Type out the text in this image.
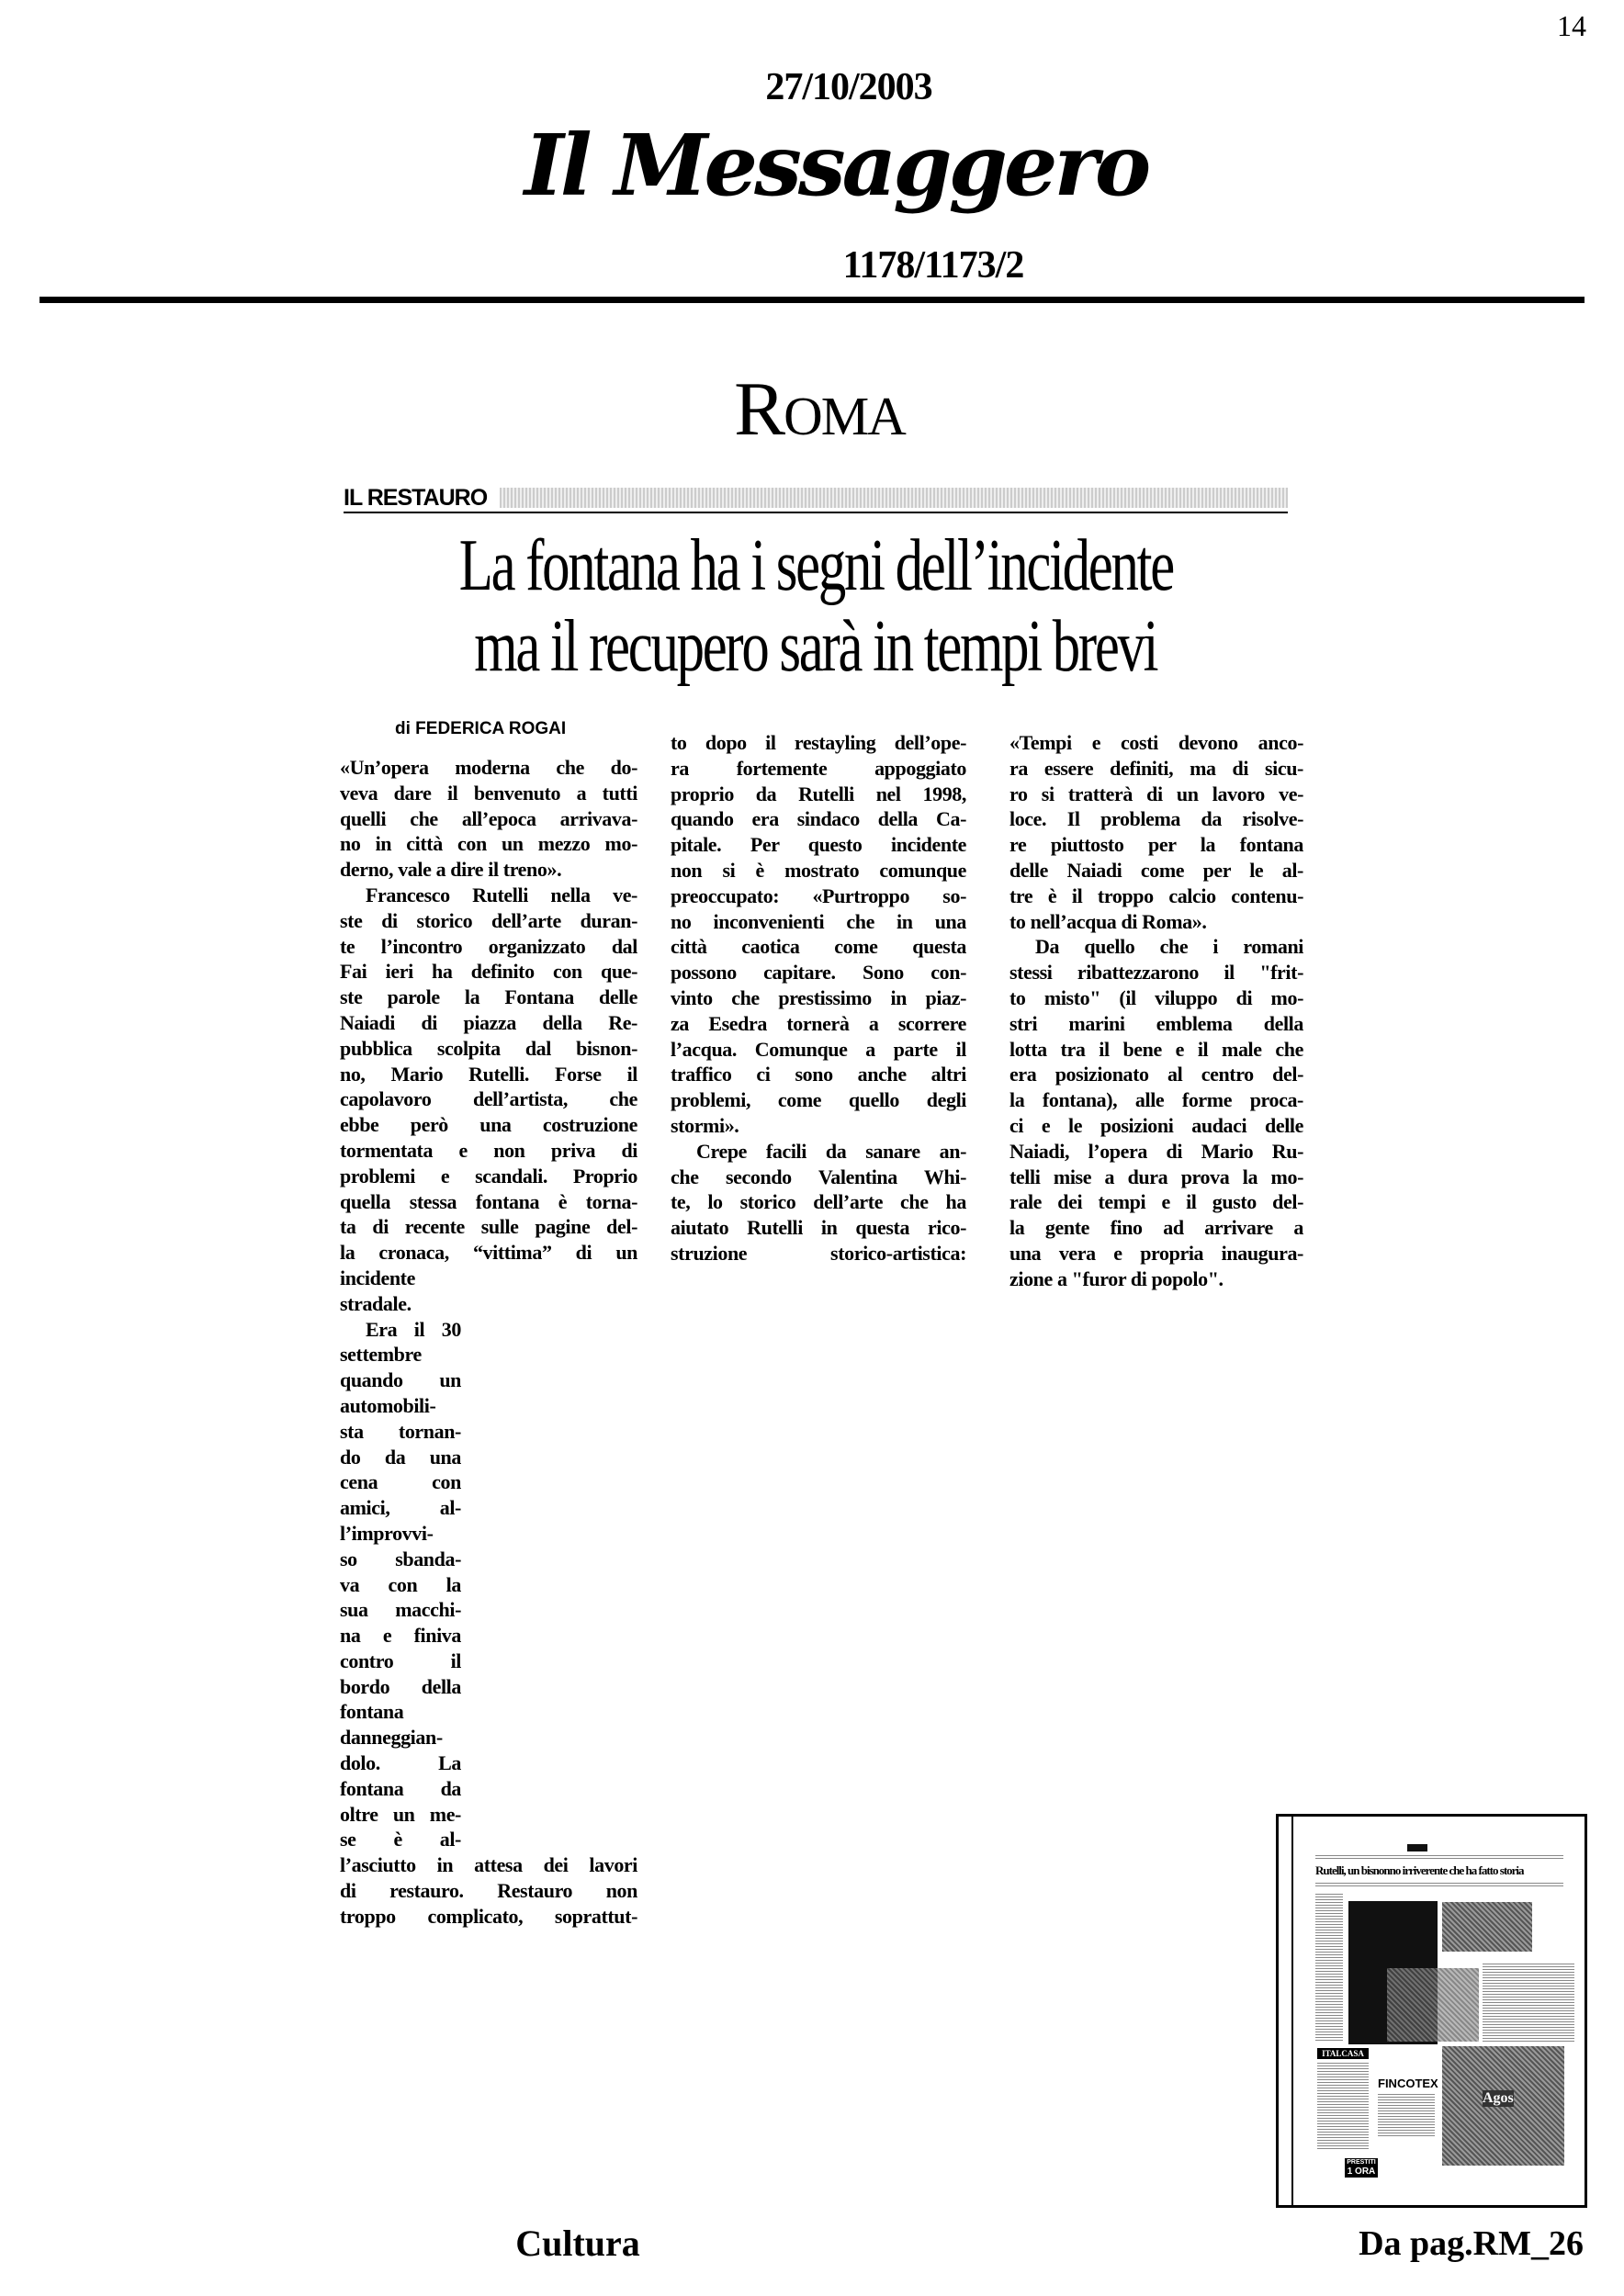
14
27/10/2003
Il Messaggero
1178/1173/2
Roma
IL RESTAURO
La fontana ha i segni dell’incidente
ma il recupero sarà in tempi brevi
di FEDERICA ROGAI
«Un’opera moderna che do-
veva dare il benvenuto a tutti
quelli che all’epoca arrivava-
no in città con un mezzo mo-
derno, vale a dire il treno».
Francesco Rutelli nella ve-
ste di storico dell’arte duran-
te l’incontro organizzato dal
Fai ieri ha definito con que-
ste parole la Fontana delle
Naiadi di piazza della Re-
pubblica scolpita dal bisnon-
no, Mario Rutelli. Forse il
capolavoro dell’artista, che
ebbe però una costruzione
tormentata e non priva di
problemi e scandali. Proprio
quella stessa fontana è torna-
ta di recente sulle pagine del-
la cronaca, “vittima” di un
incidente
stradale.
Era il 30
settembre
quando un
automobili-
sta tornan-
do da una
cena con
amici, al-
l’improvvi-
so sbanda-
va con la
sua macchi-
na e finiva
contro il
bordo della
fontana
danneggian-
dolo. La
fontana da
oltre un me-
se è al-
l’asciutto in attesa dei lavori
di restauro. Restauro non
troppo complicato, soprattut-
to dopo il restayling dell’ope-
ra fortemente appoggiato
proprio da Rutelli nel 1998,
quando era sindaco della Ca-
pitale. Per questo incidente
non si è mostrato comunque
preoccupato: «Purtroppo so-
no inconvenienti che in una
città caotica come questa
possono capitare. Sono con-
vinto che prestissimo in piaz-
za Esedra tornerà a scorrere
l’acqua. Comunque a parte il
traffico ci sono anche altri
problemi, come quello degli
stormi».
Crepe facili da sanare an-
che secondo Valentina Whi-
te, lo storico dell’arte che ha
aiutato Rutelli in questa rico-
struzione storico-artistica:
«Tempi e costi devono anco-
ra essere definiti, ma di sicu-
ro si tratterà di un lavoro ve-
loce. Il problema da risolve-
re piuttosto per la fontana
delle Naiadi come per le al-
tre è il troppo calcio contenu-
to nell’acqua di Roma».
Da quello che i romani
stessi ribattezzarono il "frit-
to misto" (il viluppo di mo-
stri marini emblema della
lotta tra il bene e il male che
era posizionato al centro del-
la fontana), alle forme proca-
ci e le posizioni audaci delle
Naiadi, l’opera di Mario Ru-
telli mise a dura prova la mo-
rale dei tempi e il gusto del-
la gente fino ad arrivare a
una vera e propria inaugura-
zione a "furor di popolo".
Rutelli, un bisnonno irriverente che ha fatto storia
ITALCASA
FINCOTEX
Agos
PRESTITI
1 ORA
Cultura	Da pag.RM_26
